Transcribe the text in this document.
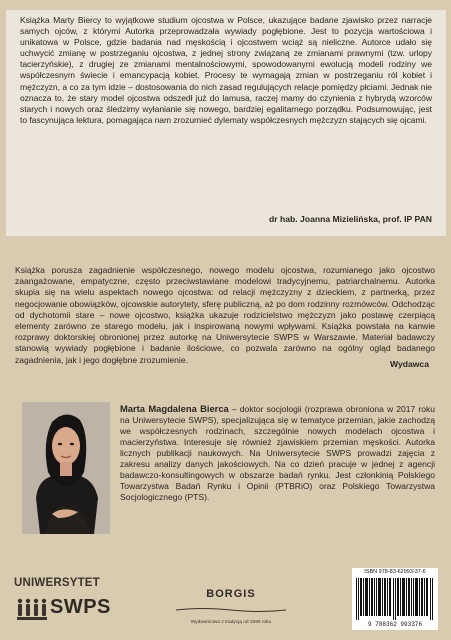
Książka Marty Biercy to wyjątkowe studium ojcostwa w Polsce, ukazujące badane zjawisko przez narracje samych ojców, z którymi Autorka przeprowadzała wywiady pogłębione. Jest to pozycja wartościowa i unikatowa w Polsce, gdzie badania nad męskością i ojcostwem wciąż są nieliczne. Autorce udało się uchwycić zmianę w postrzeganiu ojcostwa, z jednej strony związaną ze zmianami prawnymi (tzw. urlopy tacierzyńskie), z drugiej ze zmianami mentalnościowymi, spowodowanymi ewolucją modeli rodziny we współczesnym świecie i emancypacją kobiet. Procesy te wymagają zmian w postrzeganiu ról kobiet i mężczyzn, a co za tym idzie – dostosowania do nich zasad regulujących relacje pomiędzy płciami. Jednak nie oznacza to, że stary model ojcostwa odszedł już do lamusa, raczej mamy do czynienia z hybrydą wzorców starych i nowych oraz śledzimy wyłanianie się nowego, bardziej egalitarnego porządku. Podsumowując, jest to fascynująca lektura, pomagająca nam zrozumieć dylematy współczesnych mężczyzn stających się ojcami.

dr hab. Joanna Mizielińska, prof. IP PAN

Książka porusza zagadnienie współczesnego, nowego modelu ojcostwa, rozumianego jako ojcostwo zaangażowane, empatyczne, często przeciwstawiane modelowi tradycyjnemu, patriarchalnemu. Autorka skupia się na wielu aspektach nowego ojcostwa: od relacji mężczyzny z dzieckiem, z partnerką, przez negocjowanie obowiązków, ojcowskie autorytety, sferę publiczną, aż po dom rodzinny rozmówców. Odchodząc od dychotomii stare – nowe ojcostwo, książka ukazuje rodzicielstwo mężczyzn jako postawę czerpiącą elementy zarówno ze starego modelu, jak i inspirowaną nowymi wpływami. Książka powstała na kanwie rozprawy doktorskiej obronionej przez autorkę na Uniwersytecie SWPS w Warszawie. Materiał badawczy stanowią wywiady pogłębione i badanie ilościowe, co pozwala zarówno na ogólny ogląd badanego zagadnienia, jak i jego dogłębne zrozumienie.	Wydawca

Marta Magdalena Bierca – doktor socjologii (rozprawa obroniona w 2017 roku na Uniwersytecie SWPS), specjalizująca się w tematyce przemian, jakie zachodzą we współczesnych rodzinach, szczególnie nowych modelach ojcostwa i macierzyństwa. Interesuje się również zjawiskiem przemian męskości. Autorka licznych publikacji naukowych. Na Uniwersytecie SWPS prowadzi zajęcia z zakresu analizy danych jakościowych. Na co dzień pracuje w jednej z agencji badawczo-konsultingowych w obszarze badań rynku. Jest członkinią Polskiego Towarzystwa Badań Rynku i Opinii (PTBRiO) oraz Polskiego Towarzystwa Socjologicznego (PTS).

UNIWERSYTET
SWPS
BORGIS
Wydawnictwo z tradycją od 1990 roku
ISBN 978-83-62993-37-6
9 788362 993376
